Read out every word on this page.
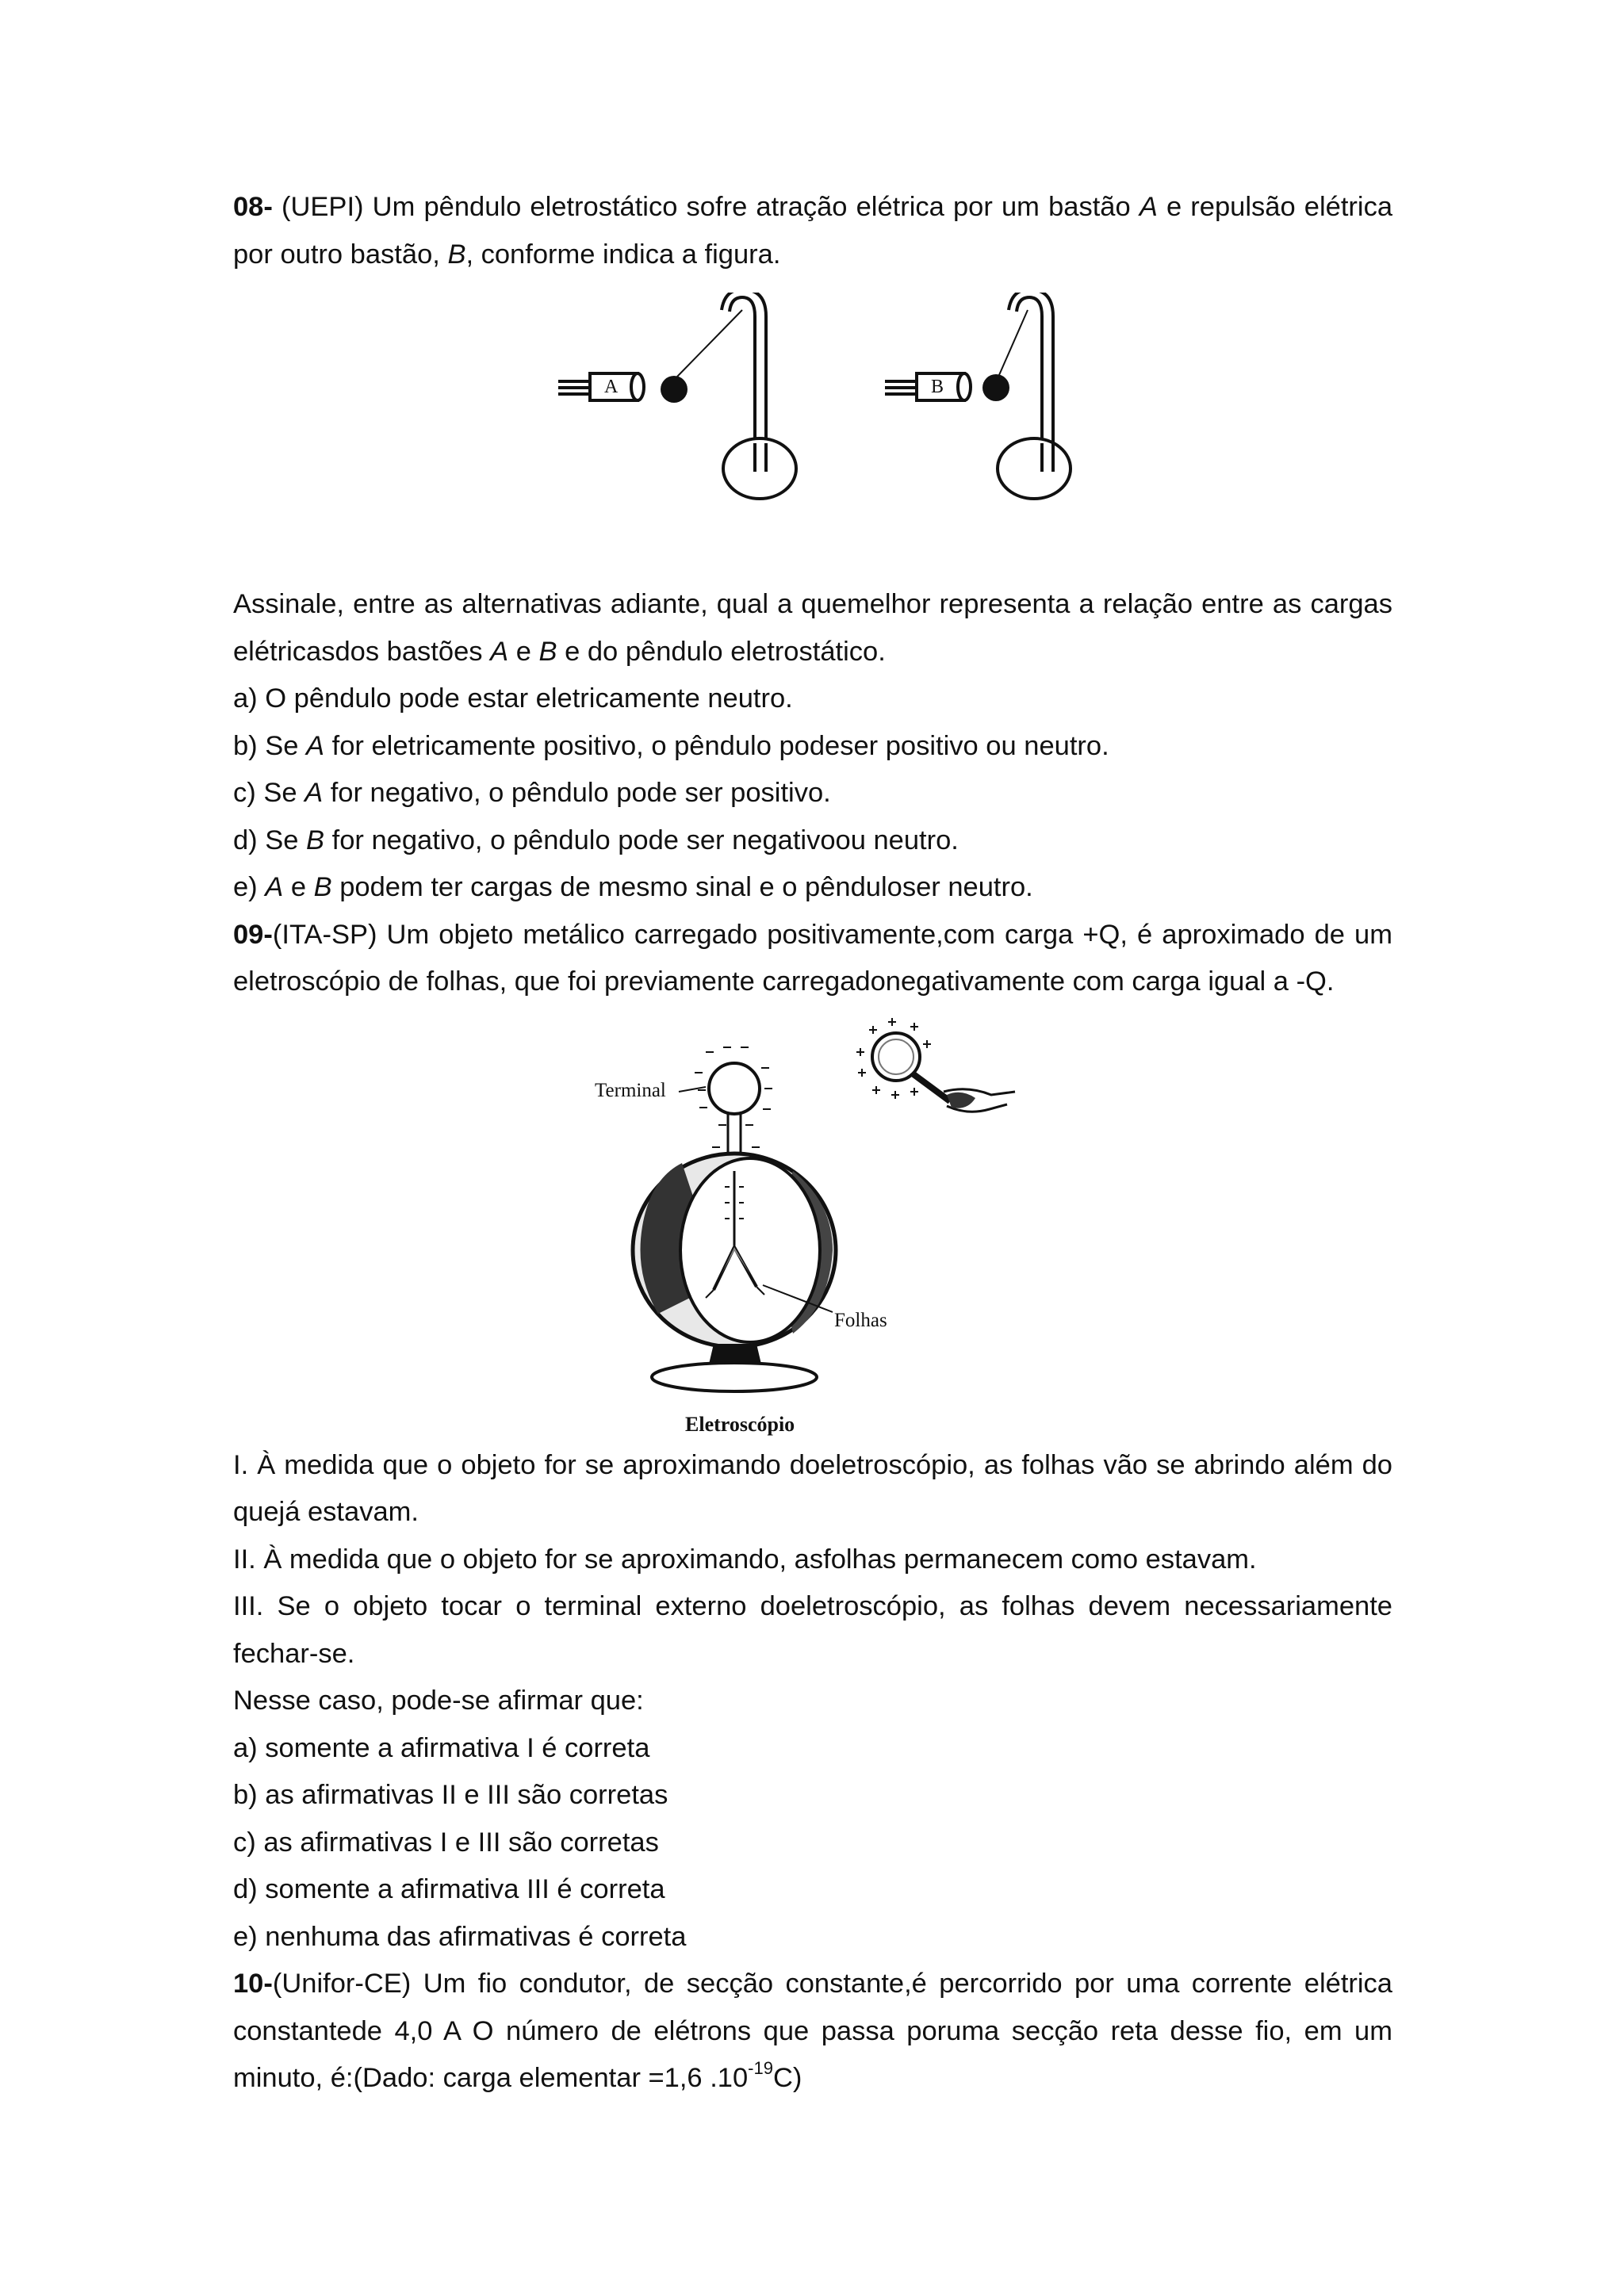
08- (UEPI) Um pêndulo eletrostático sofre atração elétrica por um bastão A e repulsão elétrica por outro bastão, B, conforme indica a figura.

A	B

Assinale, entre as alternativas adiante, qual a quemelhor representa a relação entre as cargas elétricasdos bastões A e B e do pêndulo eletrostático.

a) O pêndulo pode estar eletricamente neutro.

b) Se A for eletricamente positivo, o pêndulo podeser positivo ou neutro.

c) Se A for negativo, o pêndulo pode ser positivo.

d) Se B for negativo, o pêndulo pode ser negativoou neutro.

e) A e B podem ter cargas de mesmo sinal e o pênduloser neutro.

09-(ITA-SP) Um objeto metálico carregado positivamente,com carga +Q, é aproximado de um eletroscópio de folhas, que foi previamente carregadonegativamente com carga igual a -Q.

Terminal
Folhas
Eletroscópio

I. À medida que o objeto for se aproximando doeletroscópio, as folhas vão se abrindo além do quejá estavam.

II. À medida que o objeto for se aproximando, asfolhas permanecem como estavam.

III. Se o objeto tocar o terminal externo doeletroscópio, as folhas devem necessariamente fechar-se.

Nesse caso, pode-se afirmar que:

a) somente a afirmativa I é correta

b) as afirmativas II e III são corretas

c) as afirmativas I e III são corretas

d) somente a afirmativa III é correta

e) nenhuma das afirmativas é correta

10-(Unifor-CE) Um fio condutor, de secção constante,é percorrido por uma corrente elétrica constantede 4,0 A O número de elétrons que passa poruma secção reta desse fio, em um minuto, é:(Dado: carga elementar =1,6 $.10^{-19}C$)
